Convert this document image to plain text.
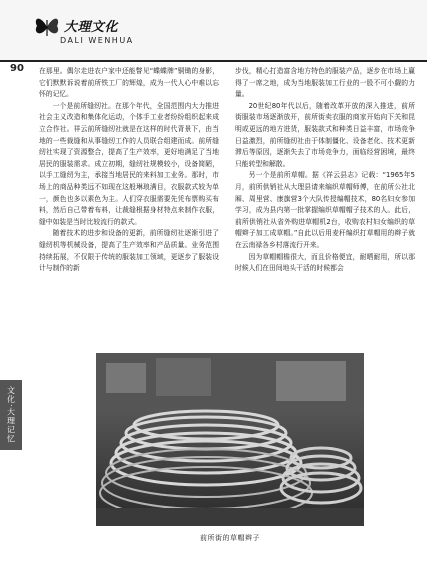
大理文化
DALI WENHUA
90
文化·大理记忆

在那里。偶尔走进农户家中还能瞥见“蝶蝶牌”铜锄的身影，它们默默诉说着前所铁工厂的辉煌，成为一代人心中难以忘怀的记忆。

一个是前所缝纫社。在那个年代，全国范围内大力推进社会主义改造和集体化运动，个体手工业者纷纷组织起来成立合作社。祥云前所缝纫社就是在这样的时代背景下，由当地的一些裁缝和从事缝纫工作的人员联合组建而成。前所缝纫社实现了资源整合，提高了生产效率，更好地满足了当地居民的服装需求。成立初期，缝纫社规模较小，设备简陋，以手工缝纫为主，承接当地居民的来料加工业务。那时，市场上的商品种类远不如现在这般琳琅满目，衣服款式较为单一，颜色也多以素色为主。人们穿衣服需要先凭布票购买布料，然后自己带着布料，让裁缝根据身材特点来制作衣服，缝中如装是当时比较流行的款式。

随着技术的进步和设备的更新，前所缝纫社逐渐引进了缝纫机等机械设备，提高了生产效率和产品质量。业务范围持续拓展，不仅限于传统的服装加工领域，更逐步了服装设计与制作的新

步伐，精心打造富含地方特色的服装产品，逐步在市场上赢得了一席之地，成为当地服装加工行业的一股不可小觑的力量。

20世纪80年代以后，随着改革开放的深入推进，前所街服装市场逐渐放开，前所街卖衣服的商家开始向下关和昆明或更远的地方进货，服装款式和种类日益丰富，市场竞争日益激烈，前所缝纫社由于体制僵化、设备老化、技术更新滞后等原因，逐渐失去了市场竞争力，面临经营困境，最终只能转型和解散。

另一个是前所草帽。据《祥云县志》记载：“1965年5月，前所供销社从大理县请来编织草帽师傅，在前所公社北厢、周里营、康旗营3个大队传授编帽技术，80名妇女参加学习，成为县内第一批掌握编织草帽帽子技术的人。此后，前所供销社从省外购进草帽机2台，收购农村妇女编织的草帽辫子加工成草帽。”自此以后用麦秆编织打草帽用的辫子就在云南禄各乡村落流行开来。

因为草帽帽檐很大，而且价格便宜，耐晒耐用，所以那时候人们在田间地头干活的时候都会

前所街的草帽辫子
